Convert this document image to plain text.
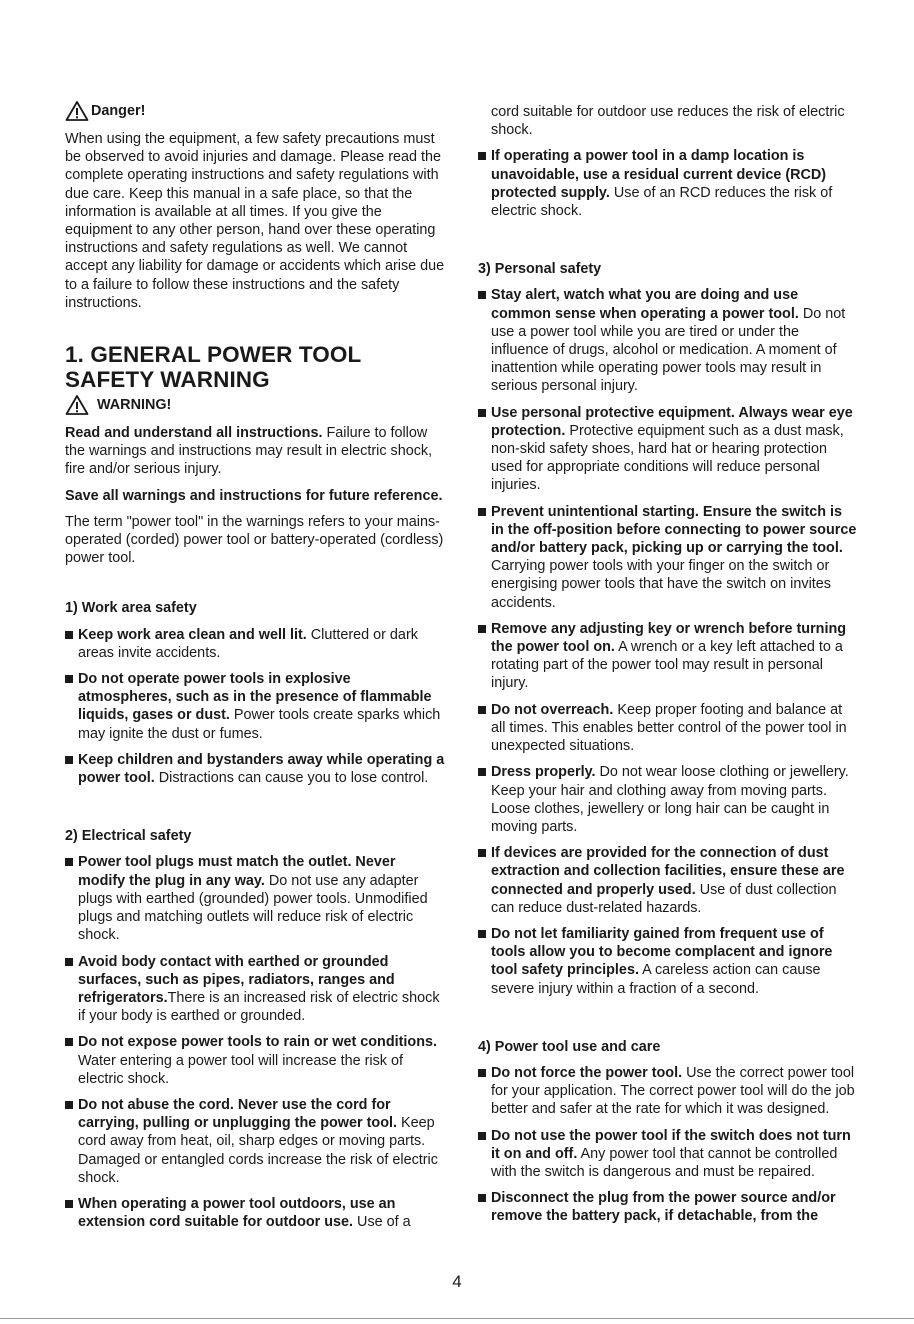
Danger!

When using the equipment, a few safety precautions must be observed to avoid injuries and damage. Please read the complete operating instructions and safety regulations with due care. Keep this manual in a safe place, so that the information is available at all times. If you give the equipment to any other person, hand over these operating instructions and safety regulations as well. We cannot accept any liability for damage or accidents which arise due to a failure to follow these instructions and the safety instructions.

1. GENERAL POWER TOOL SAFETY WARNING
WARNING!

Read and understand all instructions. Failure to follow the warnings and instructions may result in electric shock, fire and/or serious injury.

Save all warnings and instructions for future reference.

The term "power tool" in the warnings refers to your mains-operated (corded) power tool or battery-operated (cordless) power tool.

1) Work area safety

Keep work area clean and well lit. Cluttered or dark areas invite accidents.
Do not operate power tools in explosive atmospheres, such as in the presence of flammable liquids, gases or dust. Power tools create sparks which may ignite the dust or fumes.
Keep children and bystanders away while operating a power tool. Distractions can cause you to lose control.

2) Electrical safety

Power tool plugs must match the outlet. Never modify the plug in any way. Do not use any adapter plugs with earthed (grounded) power tools. Unmodified plugs and matching outlets will reduce risk of electric shock.
Avoid body contact with earthed or grounded surfaces, such as pipes, radiators, ranges and refrigerators.There is an increased risk of electric shock if your body is earthed or grounded.
Do not expose power tools to rain or wet conditions. Water entering a power tool will increase the risk of electric shock.
Do not abuse the cord. Never use the cord for carrying, pulling or unplugging the power tool. Keep cord away from heat, oil, sharp edges or moving parts. Damaged or entangled cords increase the risk of electric shock.
When operating a power tool outdoors, use an extension cord suitable for outdoor use. Use of a

cord suitable for outdoor use reduces the risk of electric shock.

If operating a power tool in a damp location is unavoidable, use a residual current device (RCD) protected supply. Use of an RCD reduces the risk of electric shock.

3) Personal safety

Stay alert, watch what you are doing and use common sense when operating a power tool. Do not use a power tool while you are tired or under the influence of drugs, alcohol or medication. A moment of inattention while operating power tools may result in serious personal injury.
Use personal protective equipment. Always wear eye protection. Protective equipment such as a dust mask, non-skid safety shoes, hard hat or hearing protection used for appropriate conditions will reduce personal injuries.
Prevent unintentional starting. Ensure the switch is in the off-position before connecting to power source and/or battery pack, picking up or carrying the tool. Carrying power tools with your finger on the switch or energising power tools that have the switch on invites accidents.
Remove any adjusting key or wrench before turning the power tool on. A wrench or a key left attached to a rotating part of the power tool may result in personal injury.
Do not overreach. Keep proper footing and balance at all times. This enables better control of the power tool in unexpected situations.
Dress properly. Do not wear loose clothing or jewellery. Keep your hair and clothing away from moving parts. Loose clothes, jewellery or long hair can be caught in moving parts.
If devices are provided for the connection of dust extraction and collection facilities, ensure these are connected and properly used. Use of dust collection can reduce dust-related hazards.
Do not let familiarity gained from frequent use of tools allow you to become complacent and ignore tool safety principles. A careless action can cause severe injury within a fraction of a second.

4) Power tool use and care

Do not force the power tool. Use the correct power tool for your application. The correct power tool will do the job better and safer at the rate for which it was designed.
Do not use the power tool if the switch does not turn it on and off. Any power tool that cannot be controlled with the switch is dangerous and must be repaired.
Disconnect the plug from the power source and/or remove the battery pack, if detachable, from the
4
